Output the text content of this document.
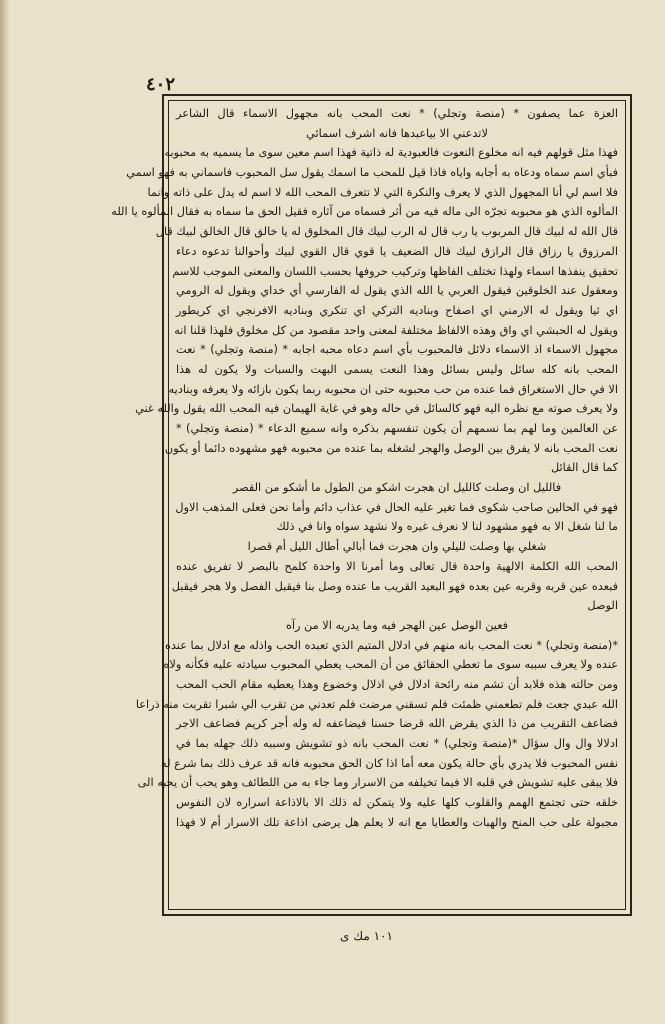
٤٠٢
العزة عما يصفون * (منصة وتجلي) * نعت المحب بانه مجهول الاسماء قال الشاعر
لاتدعني الا بياعبدها فانه اشرف اسمائي
فهذا مثل قولهم فيه انه مخلوع النعوت فالعبودية له ذاتية فهذا اسم معين سوى ما يسميه به محبوبه
فبأي اسم سماه ودعاه به أجابه واياه فاذا قيل للمحب ما اسمك يقول سل المحبوب فاسماني به فهو اسمي
فلا اسم لي أنا المجهول الذي لا يعرف والنكرة التي لا تتعرف المحب الله لا اسم له يدل على ذاته وانما
المألوه الذي هو محبوبه تجرّه الى ماله فيه من أثر فسماه من آثاره فقيل الحق ما سماه به فقال المألوه يا الله
قال الله له لبيك قال المربوب يا رب قال له الرب لبيك قال المخلوق له يا خالق قال الخالق لبيك قال
المرزوق يا رزاق قال الرازق لبيك قال الضعيف يا قوي قال القوي لبيك وأحوالنا تدعوه دعاء
تحقيق ينفذها اسماء ولهذا تختلف الفاظها وتركيب حروفها بحسب اللسان والمعنى الموجب للاسم
ومعقول عند الخلوقين فيقول العربي يا الله الذي يقول له الفارسي أي خداي ويقول له الرومي
اي ثيا ويقول له الارمني اي اصفاح وبناديه التركي اي تنكري وبناديه الافرنجي اي كريطور
ويقول له الحبشي اي واق وهذه الالفاظ مختلفة لمعنى واحد مقصود من كل مخلوق فلهذا قلنا انه
مجهول الاسماء اذ الاسماء دلائل فالمحبوب بأي اسم دعاه محبه اجابه * (منصة وتجلي) * نعت
المحب بانه كله سائل وليس بسائل وهذا النعت يسمى البهت والسبات ولا يكون له هذا
الا في حال الاستغراق فما عنده من حب محبوبه حتى ان محبوبه ربما يكون بازائه ولا يعرفه وبناديه
ولا يعرف صوته مع نظره اليه فهو كالسائل في حاله وهو في غاية الهيمان فيه المحب الله يقول والله غني
عن العالمين وما لهم بما نسمهم أن يكون تنفسهم بذكره وانه سميع الدعاء * (منصة وتجلي) *
نعت المحب بانه لا يفرق بين الوصل والهجر لشغله بما عنده من محبوبه فهو مشهوده دائما أو يكون
كما قال القائل
فالليل ان وصلت كالليل ان هجرت اشكو من الطول ما أشكو من القصر
فهو في الحالين صاحب شكوى فما تغير عليه الحال في عذاب دائم وأما نحن فعلى المذهب الاول
ما لنا شغل الا به فهو مشهود لنا لا نعرف غيره ولا نشهد سواه وانا في ذلك
شغلي بها وصلت لليلي وان هجرت فما أبالي أطال الليل أم قصرا
المحب الله الكلمة الالهية واحدة قال تعالى وما أمرنا الا واحدة كلمح بالبصر لا تفريق عنده
فبعده عين قربه وقربه عين بعده فهو البعيد القريب ما عنده وصل بنا فيقبل الفصل ولا هجر فيقبل
الوصل
فعين الوصل عين الهجر فيه وما يدريه الا من رآه
*(منصة وتجلي) * نعت المحب بانه منهم في ادلال المتيم الذي تعبده الحب واذله مع ادلال بما عنده
عنده ولا يعرف سببه سوى ما تعطي الحقائق من أن المحب يعطي المحبوب سيادته عليه فكأنه ولاه
ومن حالته هذه فلابد أن تشم منه رائحة ادلال في اذلال وخضوع وهذا يعطيه مقام الحب المحب
الله عبدي جعت فلم تطعمني ظمئت فلم تسقني مرضت فلم تعدني من تقرب الي شبرا تقربت منه ذراعا
فضاعف التقريب من ذا الذي يقرض الله قرضا حسنا فيضاعفه له وله أجر كريم فضاعف الاجر
ادلالا وال وال سؤال *(منصة وتجلي) * نعت المحب بانه ذو تشويش وسببه ذلك جهله بما في
نفس المحبوب فلا يدري بأي حالة يكون معه أما اذا كان الحق محبوبه فانه قد عرف ذلك بما شرع له
فلا يبقى عليه تشويش في قلبه الا فيما تخيلفه من الاسرار وما جاء به من اللطائف وهو يحب أن يحبه الى
خلقه حتى تجتمع الهمم والقلوب كلها عليه ولا يتمكن له ذلك الا بالاذاعة اسراره لان النفوس
مجبولة على حب المنح والهبات والعطايا مع انه لا يعلم هل يرضى اذاعة تلك الاسرار أم لا فهذا
١٠١ مك ى
